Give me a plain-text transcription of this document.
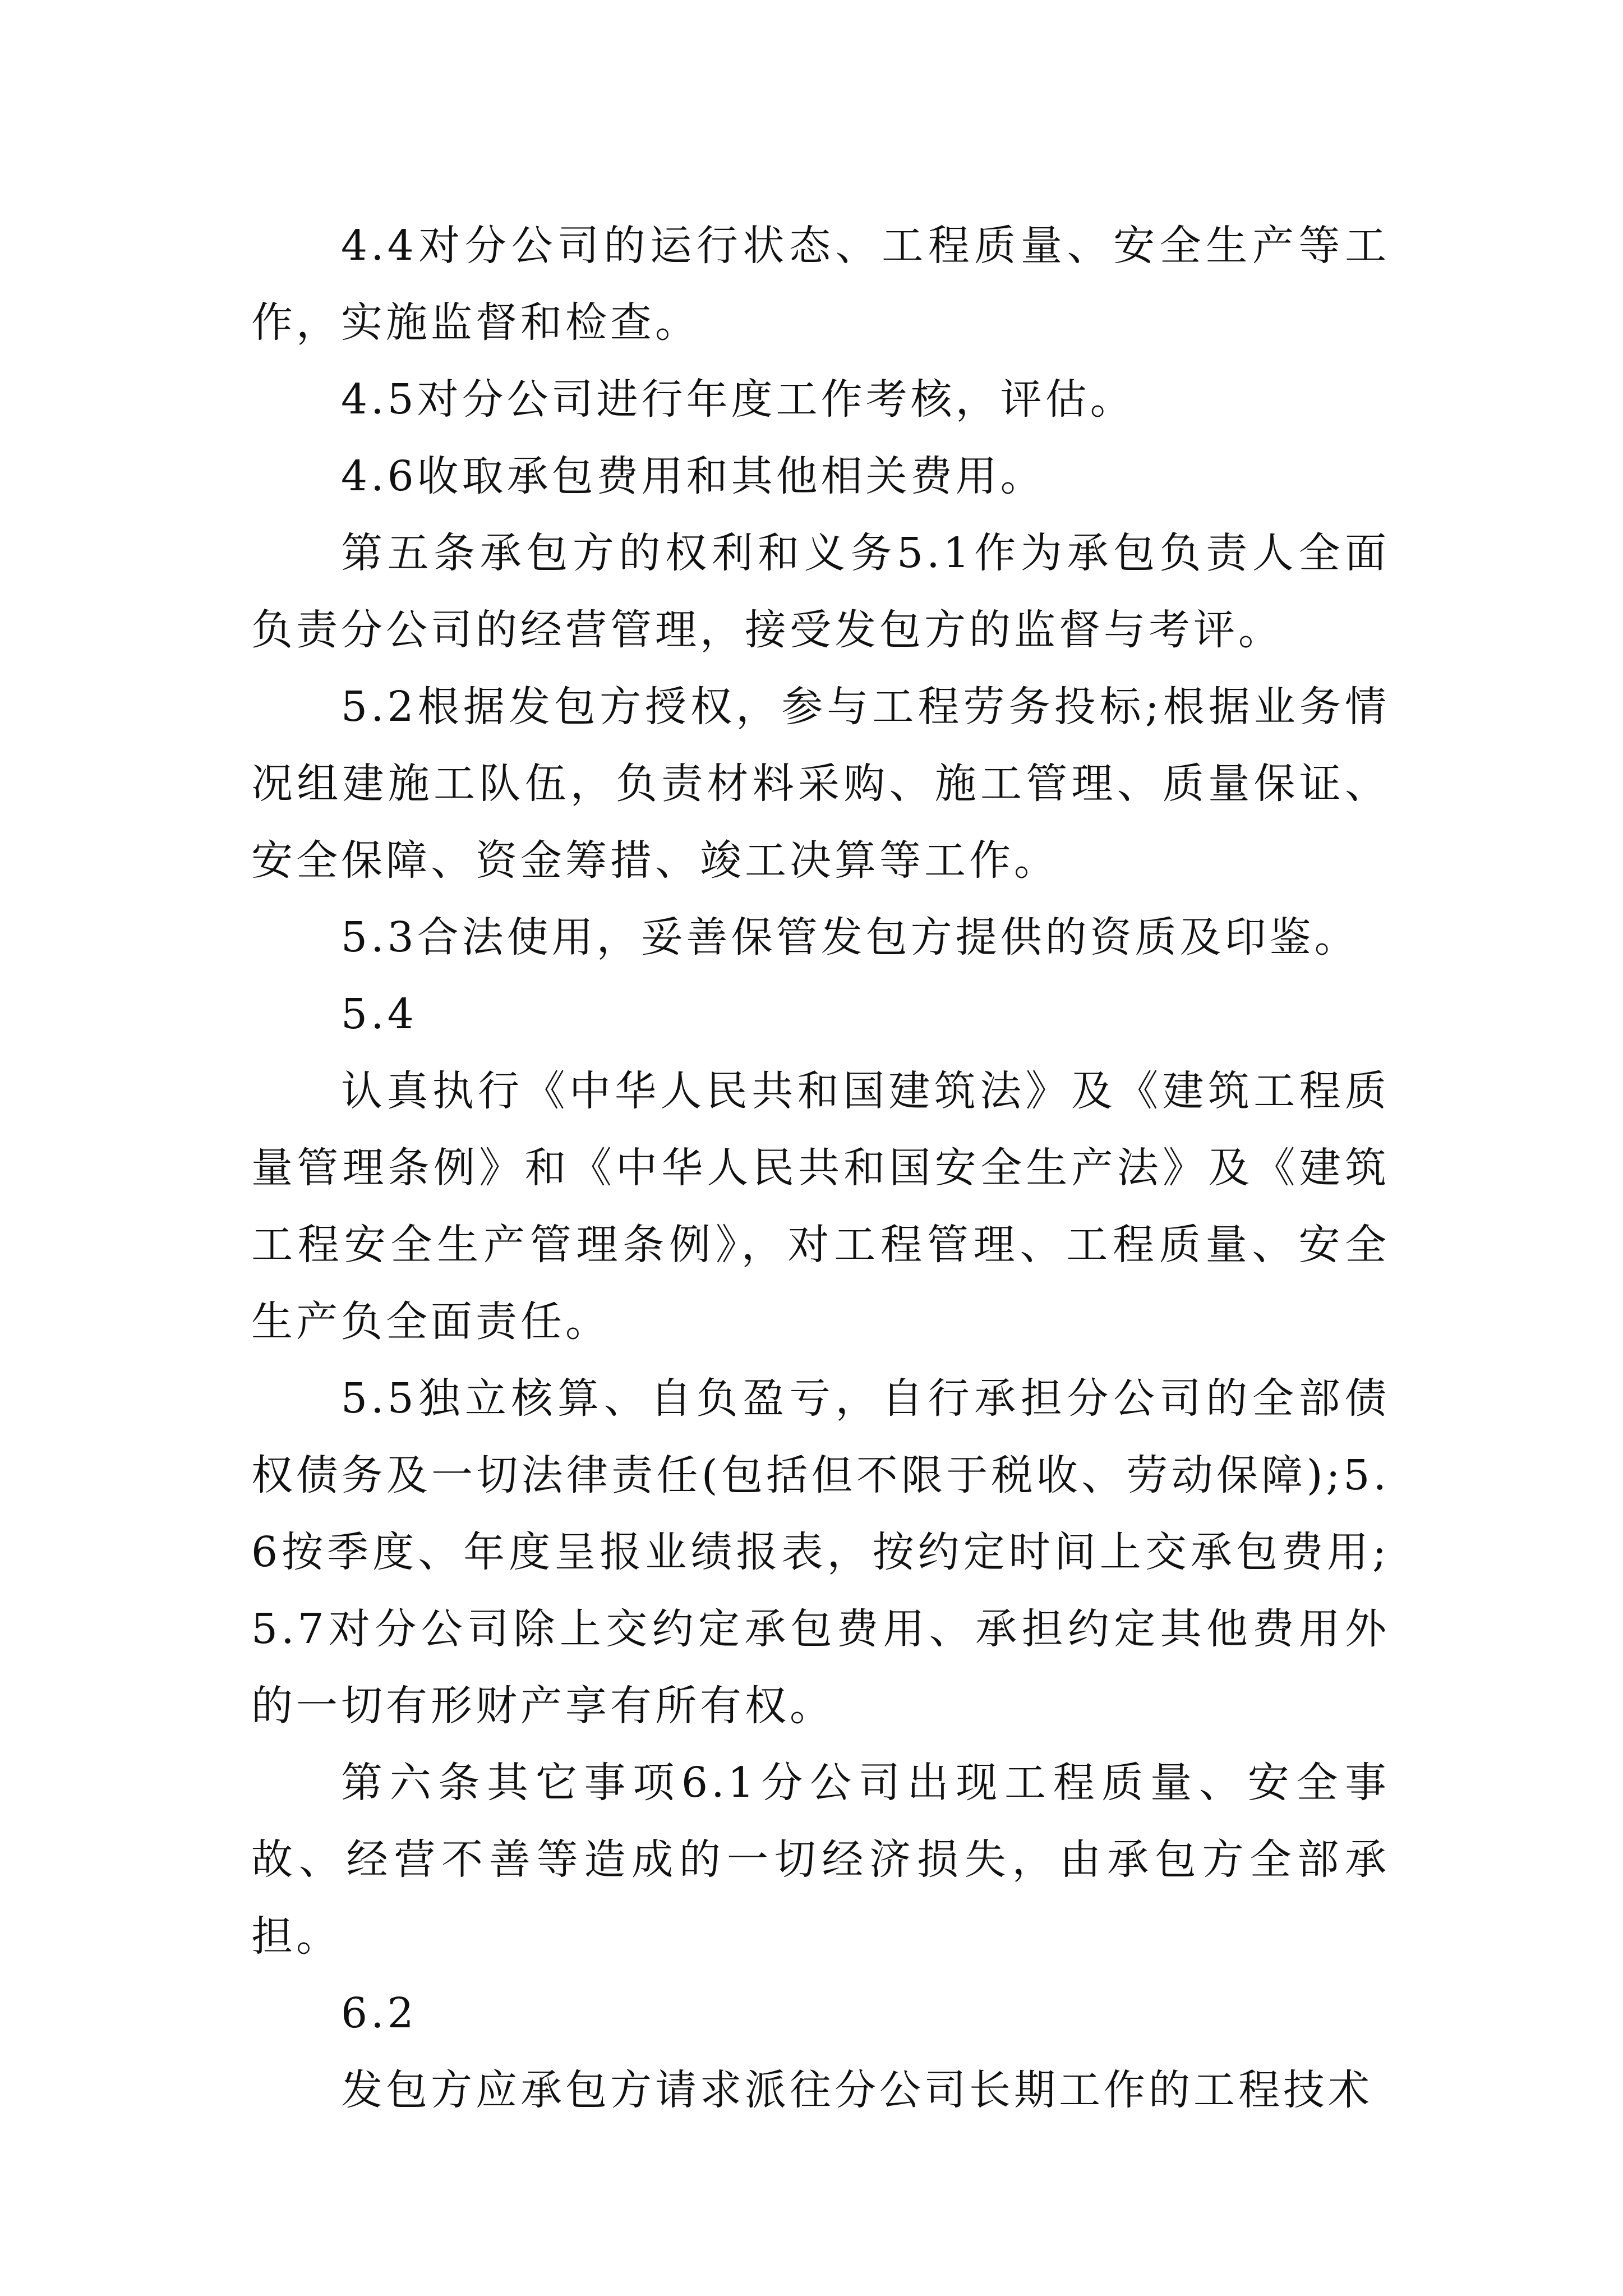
4.4对分公司的运行状态、工程质量、安全生产等工作，实施监督和检查。

4.5对分公司进行年度工作考核，评估。

4.6收取承包费用和其他相关费用。

第五条承包方的权利和义务5.1作为承包负责人全面负责分公司的经营管理，接受发包方的监督与考评。

5.2根据发包方授权，参与工程劳务投标;根据业务情况组建施工队伍，负责材料采购、施工管理、质量保证、安全保障、资金筹措、竣工决算等工作。

5.3合法使用，妥善保管发包方提供的资质及印鉴。

5.4

认真执行《中华人民共和国建筑法》及《建筑工程质量管理条例》和《中华人民共和国安全生产法》及《建筑工程安全生产管理条例》，对工程管理、工程质量、安全生产负全面责任。

5.5独立核算、自负盈亏，自行承担分公司的全部债权债务及一切法律责任(包括但不限于税收、劳动保障);5.6按季度、年度呈报业绩报表，按约定时间上交承包费用;5.7对分公司除上交约定承包费用、承担约定其他费用外的一切有形财产享有所有权。

第六条其它事项6.1分公司出现工程质量、安全事故、经营不善等造成的一切经济损失，由承包方全部承担。

6.2

发包方应承包方请求派往分公司长期工作的工程技术
